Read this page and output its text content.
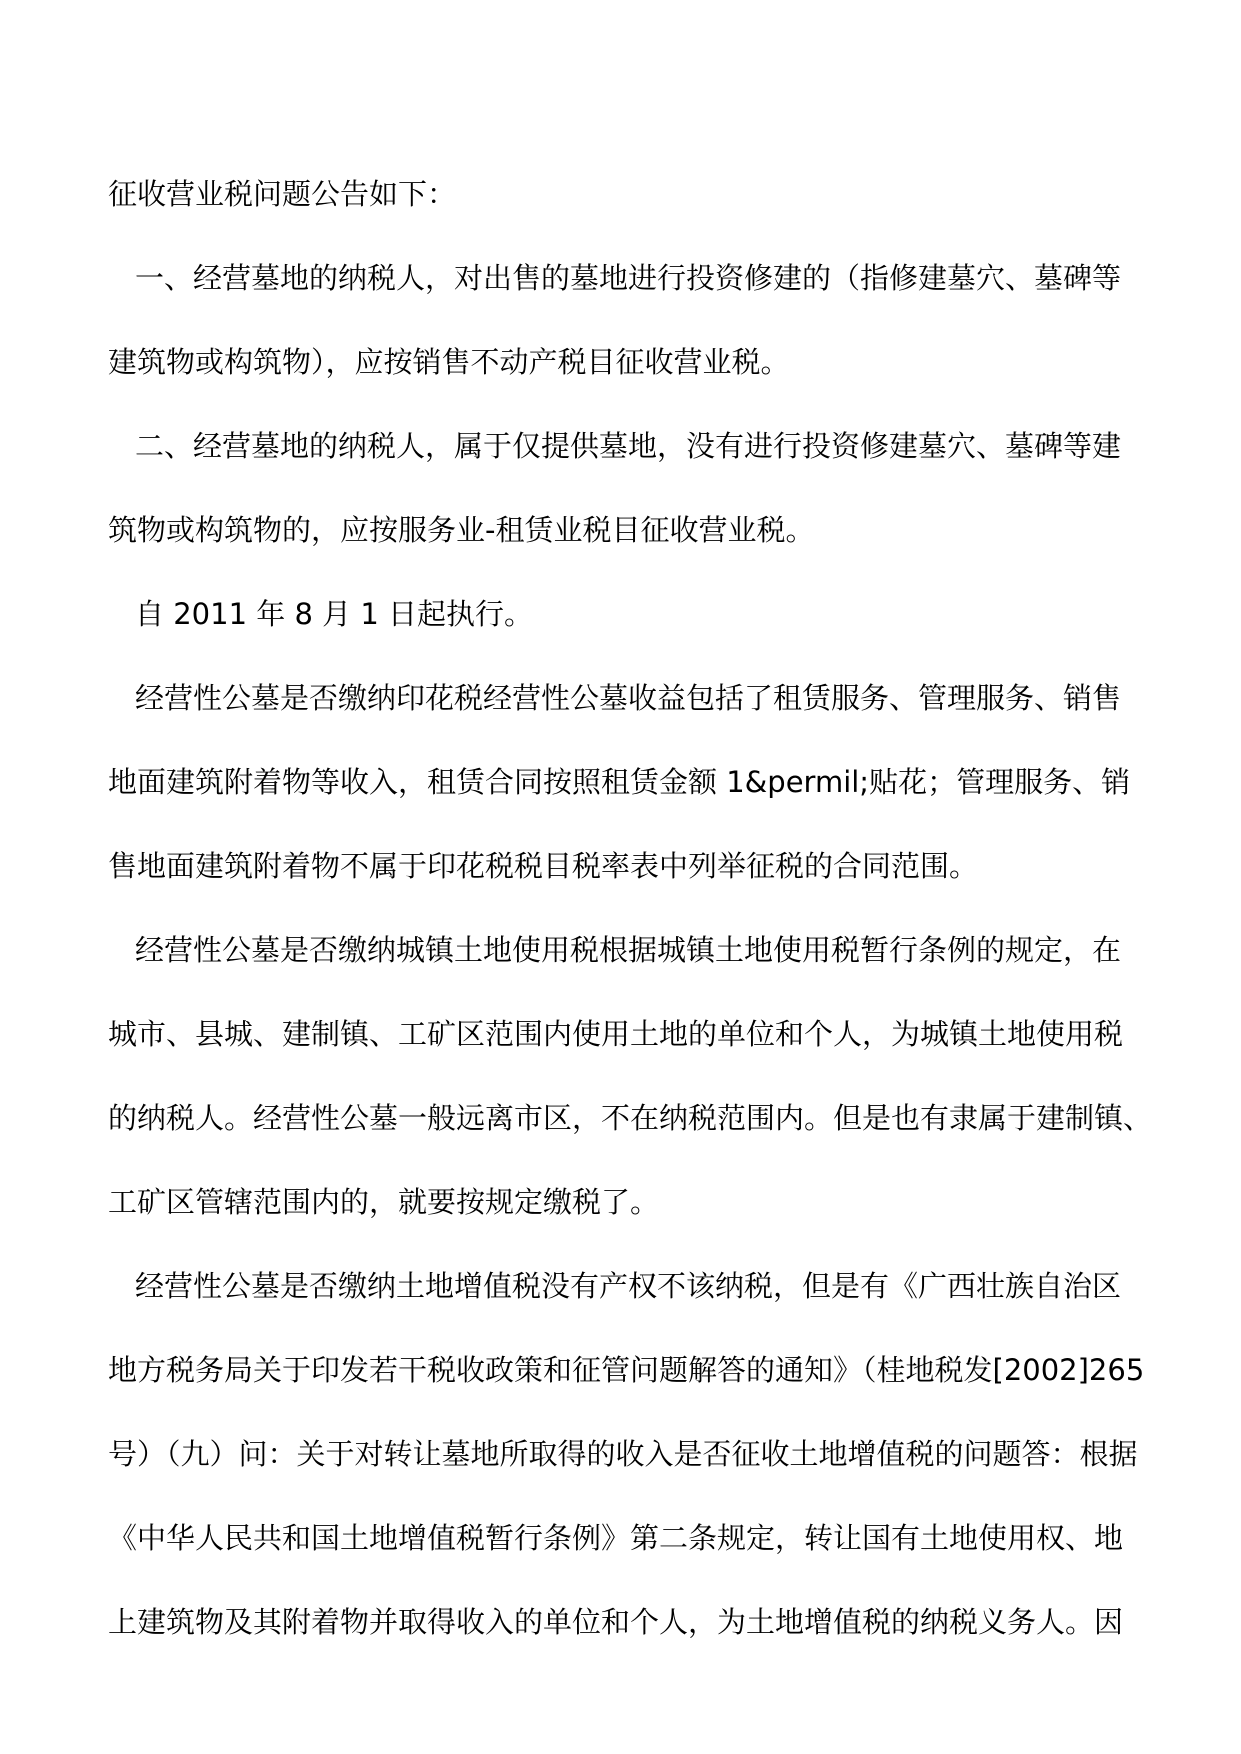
征收营业税问题公告如下：

一、经营墓地的纳税人，对出售的墓地进行投资修建的（指修建墓穴、墓碑等

建筑物或构筑物），应按销售不动产税目征收营业税。

二、经营墓地的纳税人，属于仅提供墓地，没有进行投资修建墓穴、墓碑等建

筑物或构筑物的，应按服务业-租赁业税目征收营业税。

自 2011 年 8 月 1 日起执行。

经营性公墓是否缴纳印花税经营性公墓收益包括了租赁服务、管理服务、销售

地面建筑附着物等收入，租赁合同按照租赁金额 1&permil;贴花；管理服务、销

售地面建筑附着物不属于印花税税目税率表中列举征税的合同范围。

经营性公墓是否缴纳城镇土地使用税根据城镇土地使用税暂行条例的规定，在

城市、县城、建制镇、工矿区范围内使用土地的单位和个人，为城镇土地使用税

的纳税人。经营性公墓一般远离市区，不在纳税范围内。但是也有隶属于建制镇、

工矿区管辖范围内的，就要按规定缴税了。

经营性公墓是否缴纳土地增值税没有产权不该纳税，但是有《广西壮族自治区

地方税务局关于印发若干税收政策和征管问题解答的通知》（桂地税发[2002]265

号）（九）问：关于对转让墓地所取得的收入是否征收土地增值税的问题答：根据

《中华人民共和国土地增值税暂行条例》第二条规定，转让国有土地使用权、地

上建筑物及其附着物并取得收入的单位和个人，为土地增值税的纳税义务人。因
